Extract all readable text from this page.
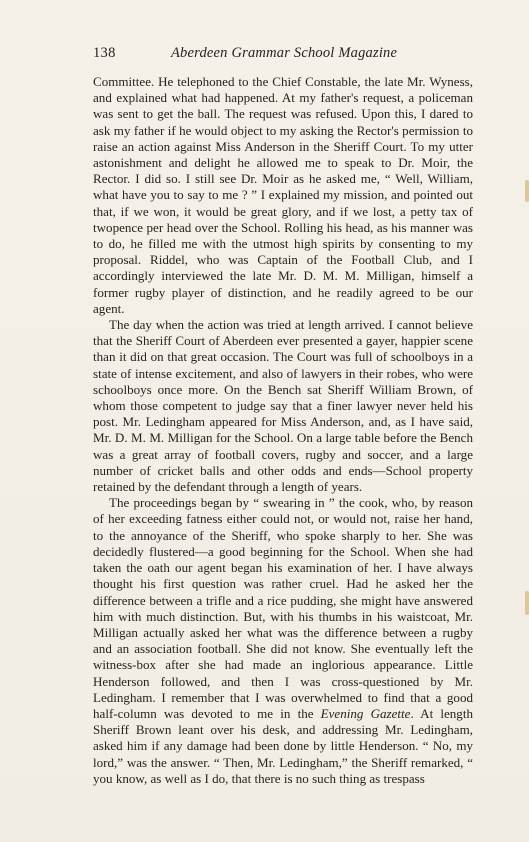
138	Aberdeen Grammar School Magazine

Committee. He telephoned to the Chief Constable, the late Mr. Wyness, and explained what had happened. At my father's request, a policeman was sent to get the ball. The request was refused. Upon this, I dared to ask my father if he would object to my asking the Rector's permission to raise an action against Miss Anderson in the Sheriff Court. To my utter astonishment and delight he allowed me to speak to Dr. Moir, the Rector. I did so. I still see Dr. Moir as he asked me, “ Well, William, what have you to say to me ? ” I explained my mission, and pointed out that, if we won, it would be great glory, and if we lost, a petty tax of twopence per head over the School. Rolling his head, as his manner was to do, he filled me with the utmost high spirits by consenting to my proposal. Riddel, who was Captain of the Football Club, and I accordingly interviewed the late Mr. D. M. M. Milligan, himself a former rugby player of distinction, and he readily agreed to be our agent.

The day when the action was tried at length arrived. I cannot believe that the Sheriff Court of Aberdeen ever presented a gayer, happier scene than it did on that great occasion. The Court was full of schoolboys in a state of intense excitement, and also of lawyers in their robes, who were schoolboys once more. On the Bench sat Sheriff William Brown, of whom those competent to judge say that a finer lawyer never held his post. Mr. Ledingham appeared for Miss Anderson, and, as I have said, Mr. D. M. M. Milligan for the School. On a large table before the Bench was a great array of football covers, rugby and soccer, and a large number of cricket balls and other odds and ends—School property retained by the defendant through a length of years.

The proceedings began by “ swearing in ” the cook, who, by reason of her exceeding fatness either could not, or would not, raise her hand, to the annoyance of the Sheriff, who spoke sharply to her. She was decidedly flustered—a good beginning for the School. When she had taken the oath our agent began his examination of her. I have always thought his first question was rather cruel. Had he asked her the difference between a trifle and a rice pudding, she might have answered him with much distinction. But, with his thumbs in his waistcoat, Mr. Milligan actually asked her what was the difference between a rugby and an association football. She did not know. She eventually left the witness-box after she had made an inglorious appearance. Little Henderson followed, and then I was cross-questioned by Mr. Ledingham. I remember that I was overwhelmed to find that a good half-column was devoted to me in the Evening Gazette. At length Sheriff Brown leant over his desk, and addressing Mr. Ledingham, asked him if any damage had been done by little Henderson. “ No, my lord,” was the answer. “ Then, Mr. Ledingham,” the Sheriff remarked, “ you know, as well as I do, that there is no such thing as trespass
